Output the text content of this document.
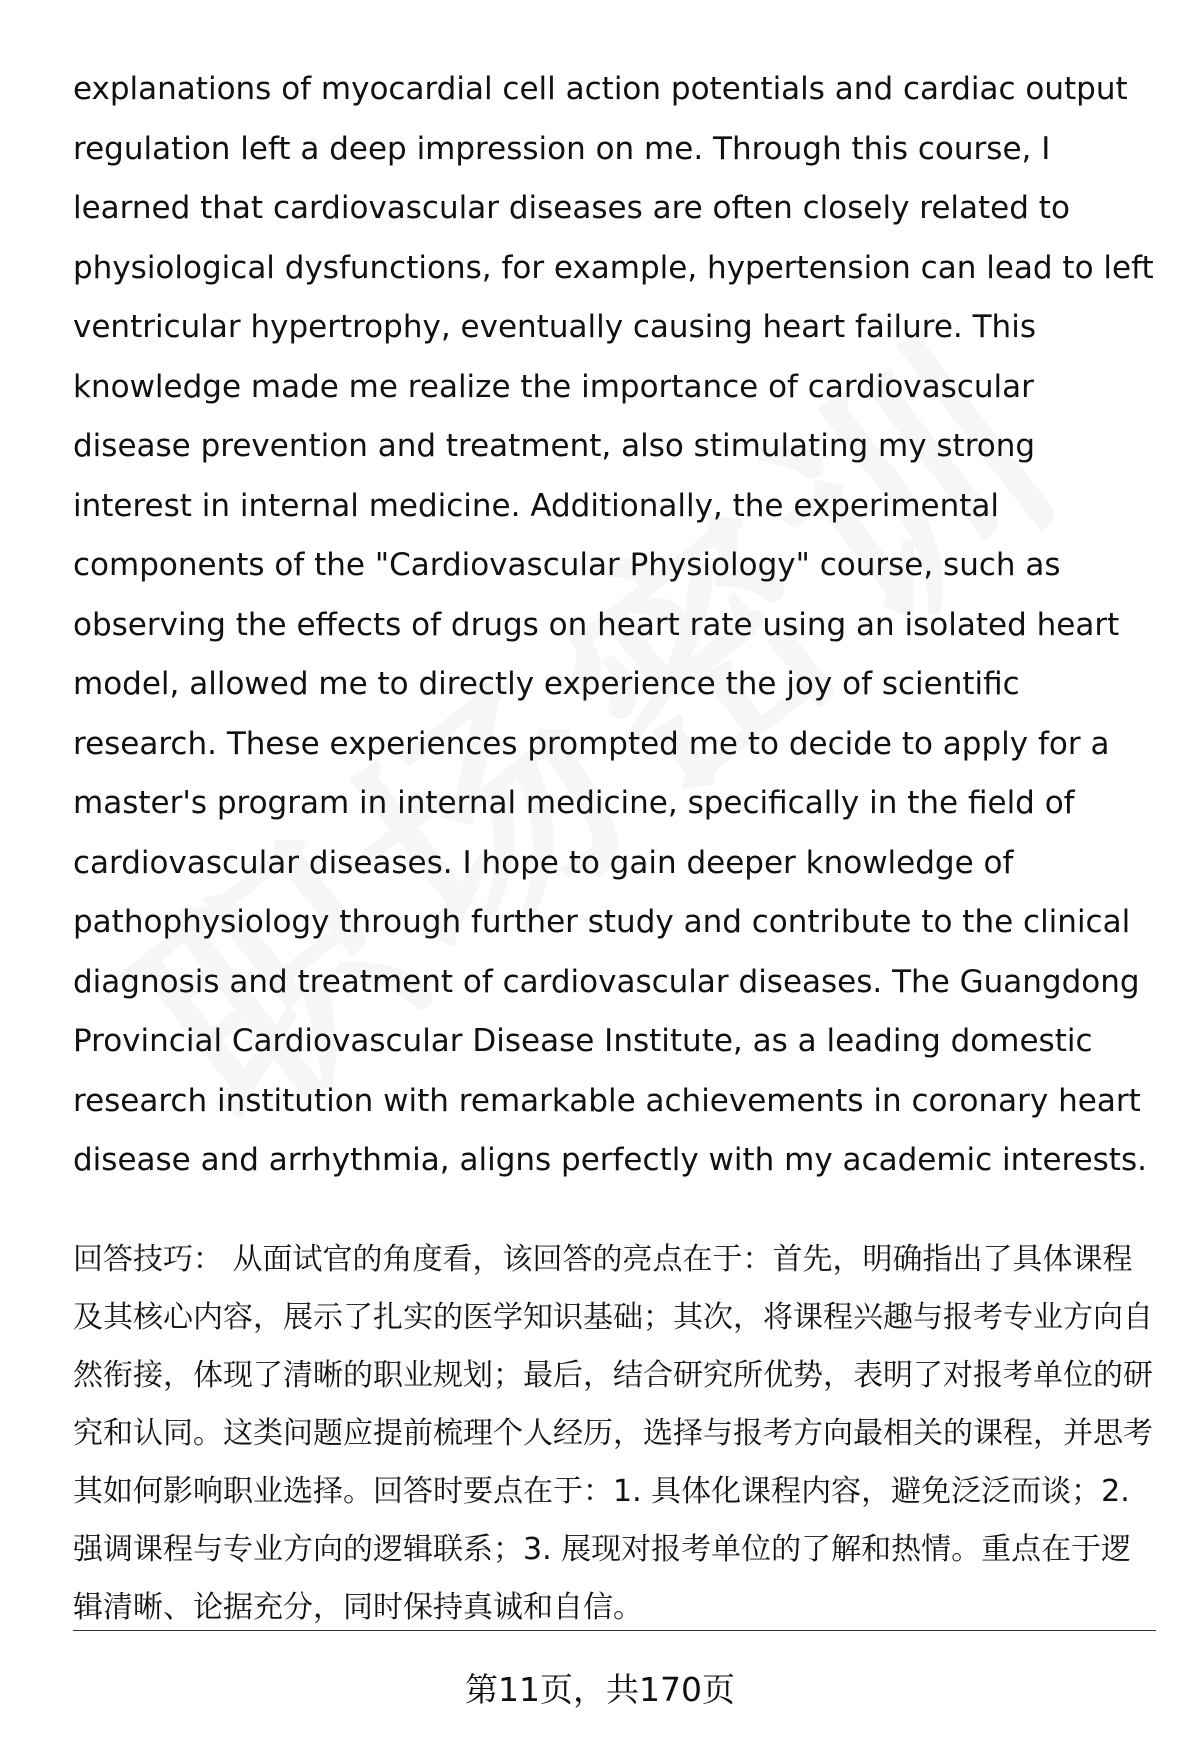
explanations of myocardial cell action potentials and cardiac output regulation left a deep impression on me. Through this course, I learned that cardiovascular diseases are often closely related to physiological dysfunctions, for example, hypertension can lead to left ventricular hypertrophy, eventually causing heart failure. This knowledge made me realize the importance of cardiovascular disease prevention and treatment, also stimulating my strong interest in internal medicine. Additionally, the experimental components of the "Cardiovascular Physiology" course, such as observing the effects of drugs on heart rate using an isolated heart model, allowed me to directly experience the joy of scientific research. These experiences prompted me to decide to apply for a master's program in internal medicine, specifically in the field of cardiovascular diseases. I hope to gain deeper knowledge of pathophysiology through further study and contribute to the clinical diagnosis and treatment of cardiovascular diseases. The Guangdong Provincial Cardiovascular Disease Institute, as a leading domestic research institution with remarkable achievements in coronary heart disease and arrhythmia, aligns perfectly with my academic interests.

回答技巧： 从面试官的角度看，该回答的亮点在于：首先，明确指出了具体课程及其核心内容，展示了扎实的医学知识基础；其次，将课程兴趣与报考专业方向自然衔接，体现了清晰的职业规划；最后，结合研究所优势，表明了对报考单位的研究和认同。这类问题应提前梳理个人经历，选择与报考方向最相关的课程，并思考其如何影响职业选择。回答时要点在于：1. 具体化课程内容，避免泛泛而谈；2. 强调课程与专业方向的逻辑联系；3. 展现对报考单位的了解和热情。重点在于逻辑清晰、论据充分，同时保持真诚和自信。

第11页，共170页
